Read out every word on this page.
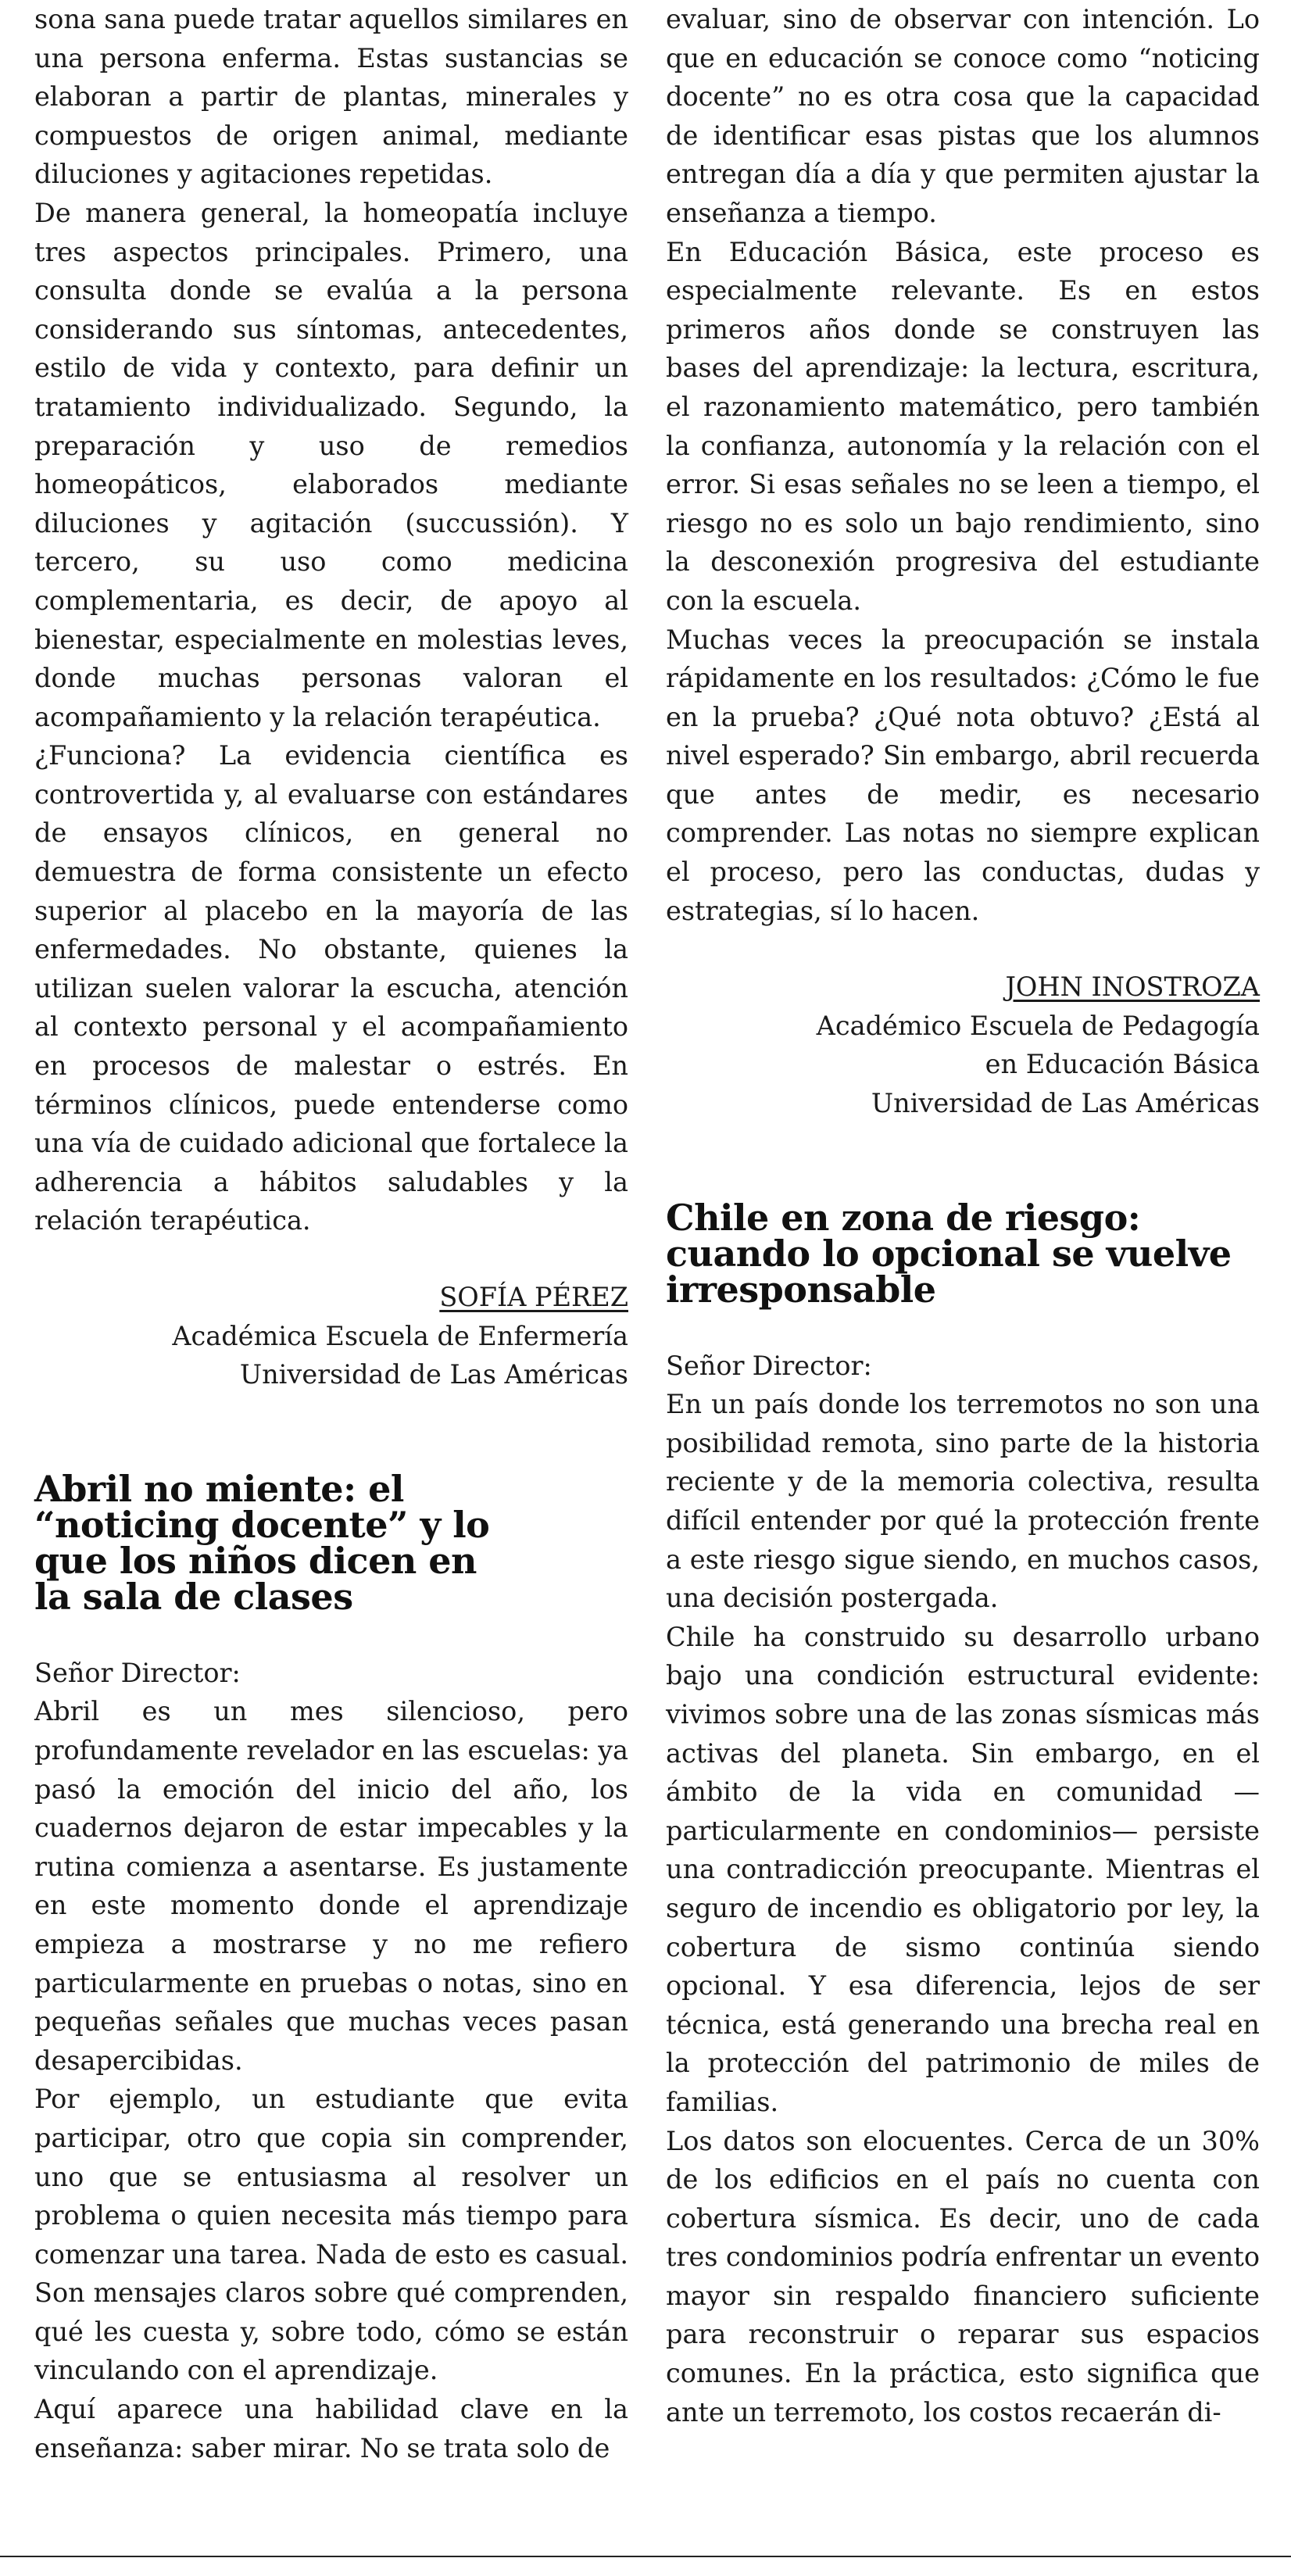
sona sana puede tratar aquellos similares en una persona enferma. Estas sustancias se elaboran a partir de plantas, minerales y compuestos de origen animal, mediante diluciones y agitaciones repetidas.

De manera general, la homeopatía incluye tres aspectos principales. Primero, una consulta donde se evalúa a la persona considerando sus síntomas, antecedentes, estilo de vida y contexto, para definir un tratamiento individualizado. Segundo, la preparación y uso de remedios homeopáticos, elaborados mediante diluciones y agitación (succussión). Y tercero, su uso como medicina complementaria, es decir, de apoyo al bienestar, especialmente en molestias leves, donde muchas personas valoran el acompañamiento y la relación terapéutica.

¿Funciona? La evidencia científica es controvertida y, al evaluarse con estándares de ensayos clínicos, en general no demuestra de forma consistente un efecto superior al placebo en la mayoría de las enfermedades. No obstante, quienes la utilizan suelen valorar la escucha, atención al contexto personal y el acompañamiento en procesos de malestar o estrés. En términos clínicos, puede entenderse como una vía de cuidado adicional que fortalece la adherencia a hábitos saludables y la relación terapéutica.

SOFÍA PÉREZ
Académica Escuela de Enfermería Universidad de Las Américas
Abril no miente: el
“noticing docente” y lo
que los niños dicen en
la sala de clases

Señor Director:

Abril es un mes silencioso, pero profundamente revelador en las escuelas: ya pasó la emoción del inicio del año, los cuadernos dejaron de estar impecables y la rutina comienza a asentarse. Es justamente en este momento donde el aprendizaje empieza a mostrarse y no me refiero particularmente en pruebas o notas, sino en pequeñas señales que muchas veces pasan desapercibidas.

Por ejemplo, un estudiante que evita participar, otro que copia sin comprender, uno que se entusiasma al resolver un problema o quien necesita más tiempo para comenzar una tarea. Nada de esto es casual. Son mensajes claros sobre qué comprenden, qué les cuesta y, sobre todo, cómo se están vinculando con el aprendizaje.

Aquí aparece una habilidad clave en la enseñanza: saber mirar. No se trata solo de

evaluar, sino de observar con intención. Lo que en educación se conoce como “noticing docente” no es otra cosa que la capacidad de identificar esas pistas que los alumnos entregan día a día y que permiten ajustar la enseñanza a tiempo.

En Educación Básica, este proceso es especialmente relevante. Es en estos primeros años donde se construyen las bases del aprendizaje: la lectura, escritura, el razonamiento matemático, pero también la confianza, autonomía y la relación con el error. Si esas señales no se leen a tiempo, el riesgo no es solo un bajo rendimiento, sino la desconexión progresiva del estudiante con la escuela.

Muchas veces la preocupación se instala rápidamente en los resultados: ¿Cómo le fue en la prueba? ¿Qué nota obtuvo? ¿Está al nivel esperado? Sin embargo, abril recuerda que antes de medir, es necesario comprender. Las notas no siempre explican el proceso, pero las conductas, dudas y estrategias, sí lo hacen.

JOHN INOSTROZA
Académico Escuela de Pedagogía
en Educación Básica
Universidad de Las Américas
Chile en zona de riesgo:
cuando lo opcional se vuelve
irresponsable

Señor Director:

En un país donde los terremotos no son una posibilidad remota, sino parte de la historia reciente y de la memoria colectiva, resulta difícil entender por qué la protección frente a este riesgo sigue siendo, en muchos casos, una decisión postergada.

Chile ha construido su desarrollo urbano bajo una condición estructural evidente: vivimos sobre una de las zonas sísmicas más activas del planeta. Sin embargo, en el ámbito de la vida en comunidad —particularmente en condominios— persiste una contradicción preocupante. Mientras el seguro de incendio es obligatorio por ley, la cobertura de sismo continúa siendo opcional. Y esa diferencia, lejos de ser técnica, está generando una brecha real en la protección del patrimonio de miles de familias.

Los datos son elocuentes. Cerca de un 30% de los edificios en el país no cuenta con cobertura sísmica. Es decir, uno de cada tres condominios podría enfrentar un evento mayor sin respaldo financiero suficiente para reconstruir o reparar sus espacios comunes. En la práctica, esto significa que ante un terremoto, los costos recaerán di-
